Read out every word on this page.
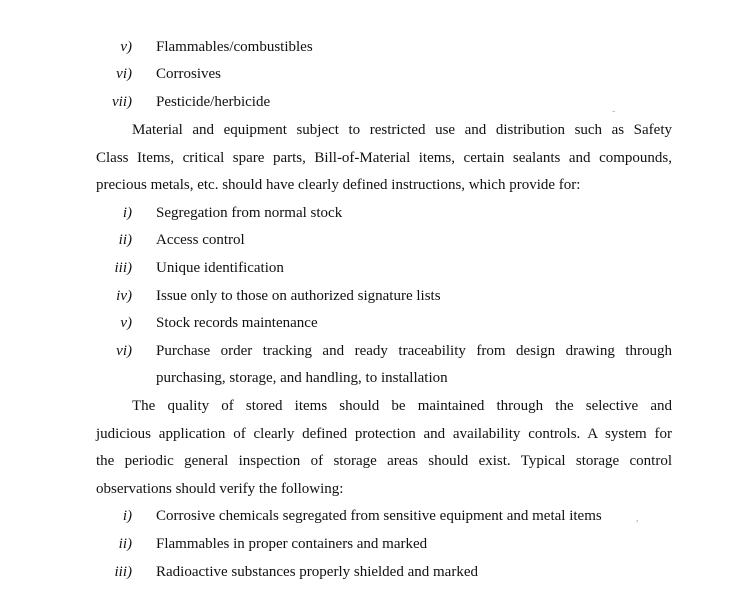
v) Flammables/combustibles
vi) Corrosives
vii) Pesticide/herbicide
˜
Material and equipment subject to restricted use and distribution such as Safety
Class Items, critical spare parts, Bill-of-Material items, certain sealants and compounds,
precious metals, etc. should have clearly defined instructions, which provide for:
i) Segregation from normal stock
ii) Access control
iii) Unique identification
iv) Issue only to those on authorized signature lists
v) Stock records maintenance
vi) Purchase order tracking and ready traceability from design drawing through
purchasing, storage, and handling, to installation
The quality of stored items should be maintained through the selective and
judicious application of clearly defined protection and availability controls. A system for
the periodic general inspection of storage areas should exist. Typical storage control
observations should verify the following:
i) Corrosive chemicals segregated from sensitive equipment and metal items	,
ii) Flammables in proper containers and marked
iii) Radioactive substances properly shielded and marked
